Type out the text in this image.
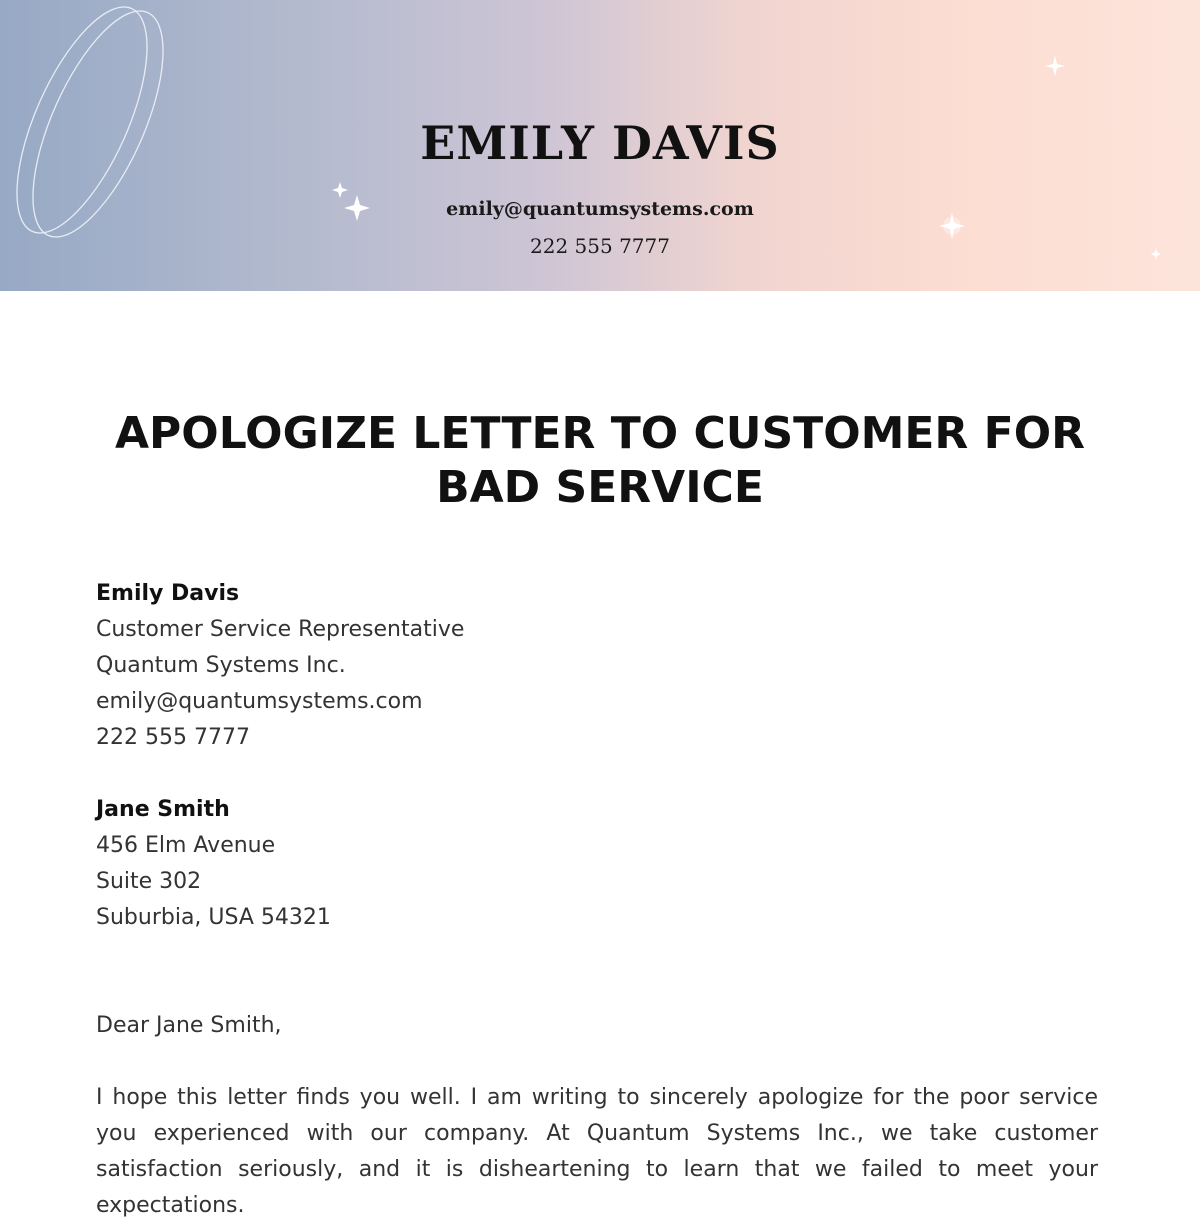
EMILY DAVIS
emily@quantumsystems.com
222 555 7777
APOLOGIZE LETTER TO CUSTOMER FOR BAD SERVICE
Emily Davis
Customer Service Representative
Quantum Systems Inc.
emily@quantumsystems.com
222 555 7777
Jane Smith
456 Elm Avenue
Suite 302
Suburbia, USA 54321
Dear Jane Smith,
I hope this letter finds you well. I am writing to sincerely apologize for the poor service you experienced with our company. At Quantum Systems Inc., we take customer satisfaction seriously, and it is disheartening to learn that we failed to meet your expectations.
